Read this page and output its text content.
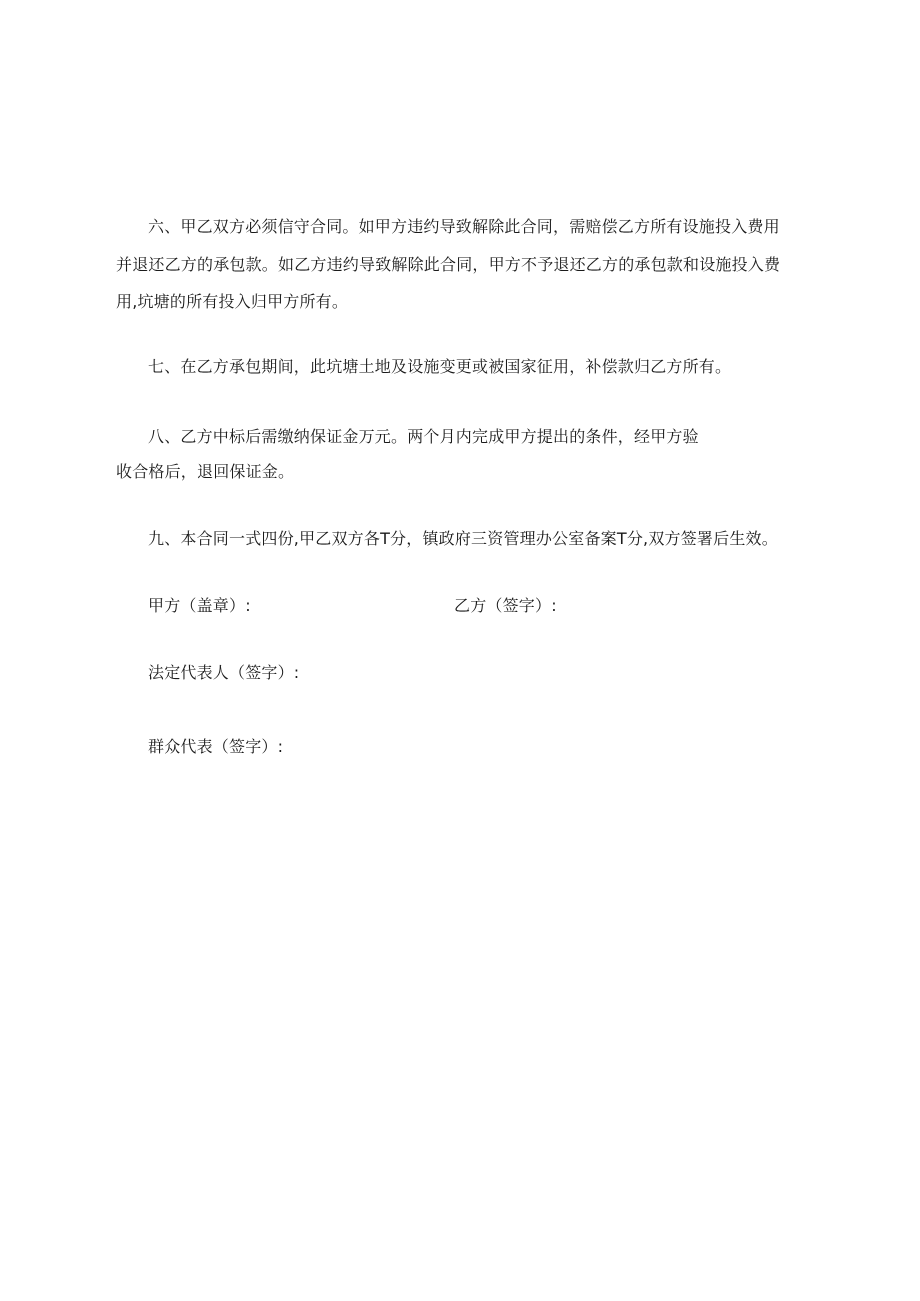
六、甲乙双方必须信守合同。如甲方违约导致解除此合同，需赔偿乙方所有设施投入费用
并退还乙方的承包款。如乙方违约导致解除此合同，甲方不予退还乙方的承包款和设施投入费
用,坑塘的所有投入归甲方所有。
七、在乙方承包期间，此坑塘土地及设施变更或被国家征用，补偿款归乙方所有。
八、乙方中标后需缴纳保证金万元。两个月内完成甲方提出的条件，经甲方验
收合格后，退回保证金。
九、本合同一式四份,甲乙双方各T分，镇政府三资管理办公室备案T分,双方签署后生效。
甲方（盖章）:	乙方（签字）:
法定代表人（签字）:
群众代表（签字）:
